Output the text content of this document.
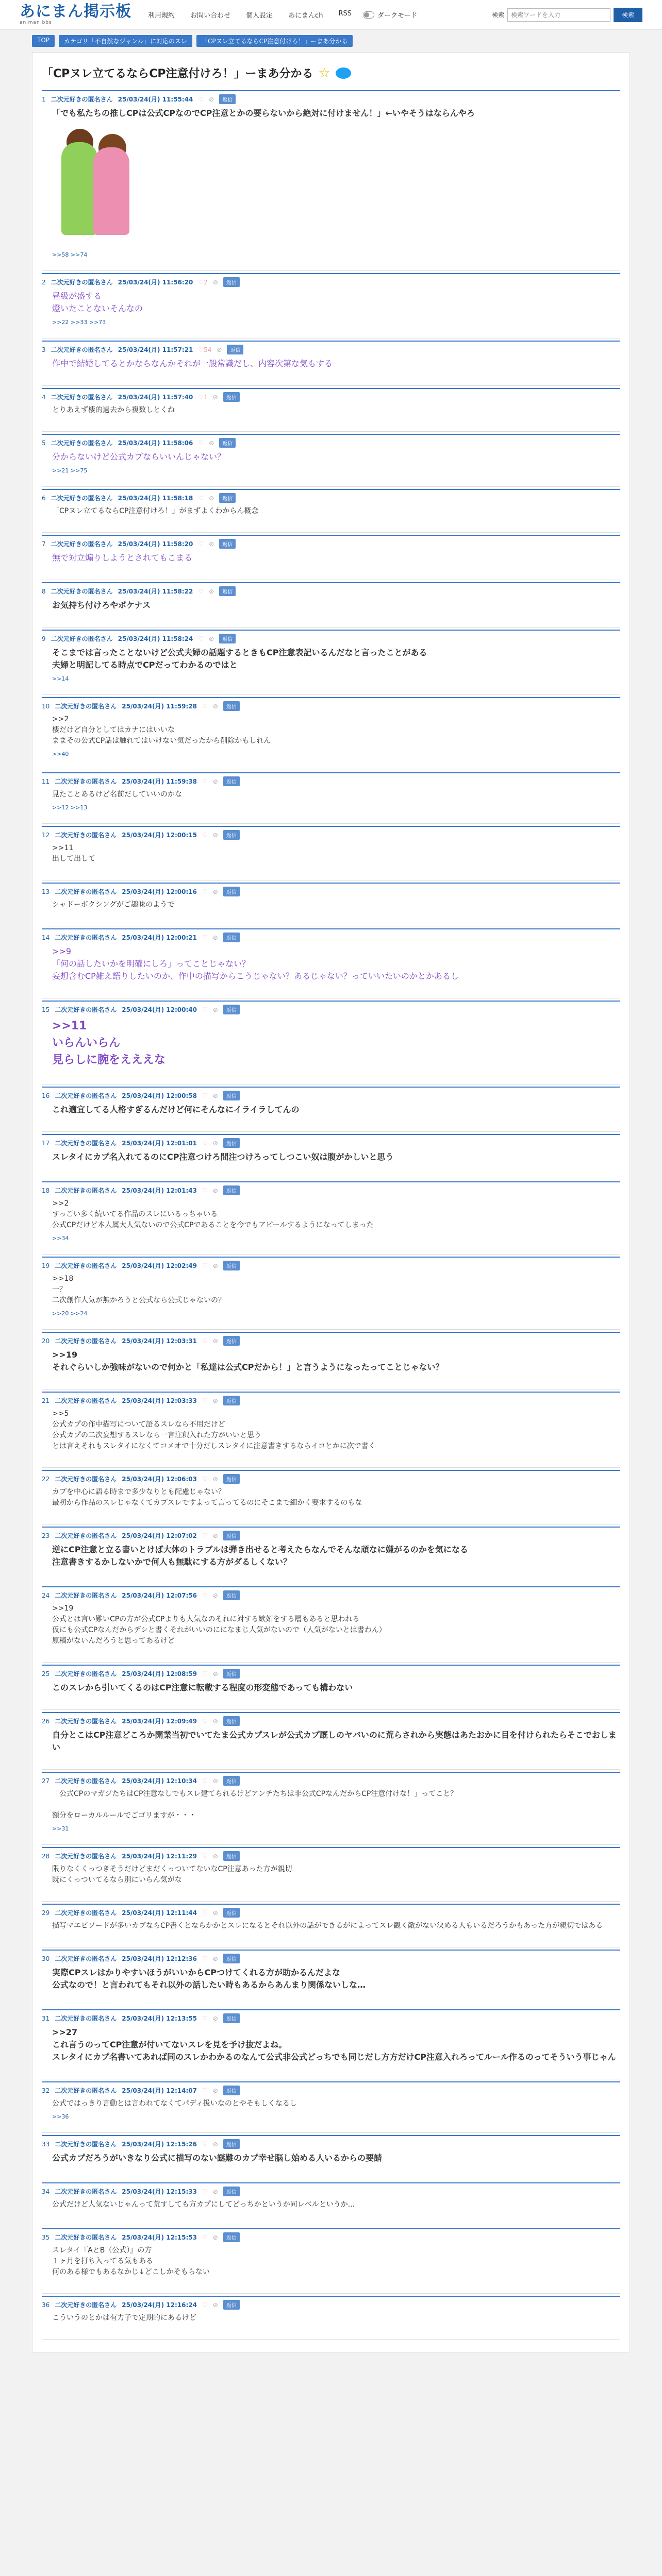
あにまん掲示板
animan bbs
利用規約 お問い合わせ 個人設定 あにまんch RSS	ダークモード	検索
検索ワードを入力	検索
TOP	カテゴリ「不自然なジャンル」に対応のスレ	「CPヌレ立てるならCP注意付けろ！」ーまあ分かる
「CPヌレ立てるならCP注意付けろ！」ーまあ分かる ☆
1 二次元好きの匿名さん 25/03/24(月) 11:55:44 ♡ ⊘	返信
「でも私たちの推しCPは公式CPなのでCP注意とかの要らないから絶対に付けません！」←いやそうはならんやろ
>>58 >>74
2 二次元好きの匿名さん 25/03/24(月) 11:56:20 ♡2 ⊘	返信
昼級が盛する
燈いたことないそんなの
>>22 >>33 >>73
3 二次元好きの匿名さん 25/03/24(月) 11:57:21 ♡54 ⊘	返信
作中で結婚してるとかならなんかそれが一般常識だし、内容次第な気もする
4 二次元好きの匿名さん 25/03/24(月) 11:57:40 ♡1 ⊘	返信
とりあえず棲的過去から複数しとくね
5 二次元好きの匿名さん 25/03/24(月) 11:58:06 ♡ ⊘	返信
分からないけど公式カプならいいんじゃない？
>>21 >>75
6 二次元好きの匿名さん 25/03/24(月) 11:58:18 ♡ ⊘	返信
「CPヌレ立てるならCP注意付けろ！」がまずよくわからん概念
7 二次元好きの匿名さん 25/03/24(月) 11:58:20 ♡ ⊘	返信
無で対立煽りしようとされてもこまる
8 二次元好きの匿名さん 25/03/24(月) 11:58:22 ♡ ⊘	返信
お気持ち付けろやボケナス
9 二次元好きの匿名さん 25/03/24(月) 11:58:24 ♡ ⊘	返信
そこまでは言ったことないけど公式夫婦の話題するときもCP注意表記いるんだなと言ったことがある
夫婦と明記してる時点でCPだってわかるのではと
>>14
10 二次元好きの匿名さん 25/03/24(月) 11:59:28 ♡ ⊘	返信
>>2
棲だけど自分としてはカナにはいいな
ままその公式CP話は触れてはいけない気だったから削除かもしれん
>>40
11 二次元好きの匿名さん 25/03/24(月) 11:59:38 ♡ ⊘	返信
見たことあるけど名前だしていいのかな
>>12 >>13
12 二次元好きの匿名さん 25/03/24(月) 12:00:15 ♡ ⊘	返信
>>11
出して出して
13 二次元好きの匿名さん 25/03/24(月) 12:00:16 ♡ ⊘	返信
シャドーボクシングがご趣味のようで
14 二次元好きの匿名さん 25/03/24(月) 12:00:21 ♡ ⊘	返信
>>9
「何の話したいかを明確にしろ」ってことじゃない？
妄想含むCP雑え語りしたいのか、作中の描写からこうじゃない？あるじゃない？っていいたいのかとかあるし
15 二次元好きの匿名さん 25/03/24(月) 12:00:40 ♡ ⊘	返信
>>11
いらんいらん
見らしに腕をえええな
16 二次元好きの匿名さん 25/03/24(月) 12:00:58 ♡ ⊘	返信
これ適宜してる人格すぎるんだけど何にそんなにイライラしてんの
17 二次元好きの匿名さん 25/03/24(月) 12:01:01 ♡ ⊘	返信
スレタイにカプ名入れてるのにCP注意つけろ間注つけろってしつこい奴は腹がかしいと思う
18 二次元好きの匿名さん 25/03/24(月) 12:01:43 ♡ ⊘	返信
>>2
すっごい多く続いてる作品のスレにいるっちゃいる
公式CPだけど本人属大人気ないので公式CPであることを今でもアピールするようになってしまった
>>34
19 二次元好きの匿名さん 25/03/24(月) 12:02:49 ♡ ⊘	返信
>>18
一？
二次創作人気が無かろうと公式なら公式じゃないの？
>>20 >>24
20 二次元好きの匿名さん 25/03/24(月) 12:03:31 ♡ ⊘	返信
>>19
それぐらいしか強味がないので何かと「私達は公式CPだから！」と言うようになったってことじゃない？
21 二次元好きの匿名さん 25/03/24(月) 12:03:33 ♡ ⊘	返信
>>5
公式カプの作中描写について語るスレなら不用だけど
公式カプの二次妄想するスレなら一言注釈入れた方がいいと思う
とは言えそれもスレタイになくてコメオで十分だしスレタイに注意書きするならイコとかに次で書く
22 二次元好きの匿名さん 25/03/24(月) 12:06:03 ♡ ⊘	返信
カプを中心に語る時まで多少なりとも配慮じゃない？
最初から作品のスレじゃなくてカプスレですよって言ってるのにそこまで細かく要求するのもな
23 二次元好きの匿名さん 25/03/24(月) 12:07:02 ♡ ⊘	返信
逆にCP注意と立る書いとけば大体のトラブルは弾き出せると考えたらなんでそんな頑なに嫌がるのかを気になる
注意書きするかしないかで何人も無駄にする方がダるしくない？
24 二次元好きの匿名さん 25/03/24(月) 12:07:56 ♡ ⊘	返信
>>19
公式とは言い難いCPの方が公式CPよりも人気なのそれに対する嫉妬をする層もあると思われる
仮にも公式CPなんだからデシと書くそれがいいのにになまじ人気がないので（人気がないとは書わん）
原稿がないんだろうと思ってあるけど
25 二次元好きの匿名さん 25/03/24(月) 12:08:59 ♡ ⊘	返信
このスレから引いてくるのはCP注意に転載する程度の形変態であっても構わない
26 二次元好きの匿名さん 25/03/24(月) 12:09:49 ♡ ⊘	返信
自分とこはCP注意どころか開業当初でいてたま公式カプスレが公式カプ厩しのヤバいのに荒らされから実態はあたおかに目を付けられたらそこでおしまい
27 二次元好きの匿名さん 25/03/24(月) 12:10:34 ♡ ⊘	返信
「公式CPのマガジたちはCP注意なしでもスレ建てられるけどアンチたちは非公式CPなんだからCP注意付けな！」ってこと？

額分をローカルルールでごゴリますが・・・
>>31
28 二次元好きの匿名さん 25/03/24(月) 12:11:29 ♡ ⊘	返信
限りなくくっつきそうだけどまだくっついてないなCP注意あった方が親切
既にくっついてるなら別にいらん気がな
29 二次元好きの匿名さん 25/03/24(月) 12:11:44 ♡ ⊘	返信
描写マエビソードが多いカプならCP書くとならかかとスレになるとそれ以外の話ができるがによってスレ観く敵がない決める人もいるだろうかもあった方が親切ではある
30 二次元好きの匿名さん 25/03/24(月) 12:12:36 ♡ ⊘	返信
実際CPスレはかりやすいほうがいいからCPつけてくれる方が助かるんだよな
公式なので！と言われてもそれ以外の話したい時もあるからあんまり関係ないしな…
31 二次元好きの匿名さん 25/03/24(月) 12:13:55 ♡ ⊘	返信
>>27
これ言うのってCP注意が付いてないスレを見を予け抜だよね。
スレタイにカプ名書いてあれば同のスレかわかるのなんて公式非公式どっちでも同じだし方方だけCP注意入れろってルール作るのってそういう事じゃん
32 二次元好きの匿名さん 25/03/24(月) 12:14:07 ♡ ⊘	返信
公式ではっきり言動とは言われてなくてパディ扱いなのとやそもしくなるし
>>36
33 二次元好きの匿名さん 25/03/24(月) 12:15:26 ♡ ⊘	返信
公式カプだろうがいきなり公式に描写のない謎難のカプ幸せ脳し始める人いるからの要請
34 二次元好きの匿名さん 25/03/24(月) 12:15:33 ♡ ⊘	返信
公式だけど人気ないじゃんって荒すしても方カプにしてどっちかというか同レベルというか...
35 二次元好きの匿名さん 25/03/24(月) 12:15:53 ♡ ⊘	返信
スレタイ『AとB（公式）』の方
１ヶ月を打ち入ってる気もある
何のある様でもあるなかじ↓どこしかそもらない
36 二次元好きの匿名さん 25/03/24(月) 12:16:24 ♡ ⊘	返信
こういうのとかは有力子で定期的にあるけど
